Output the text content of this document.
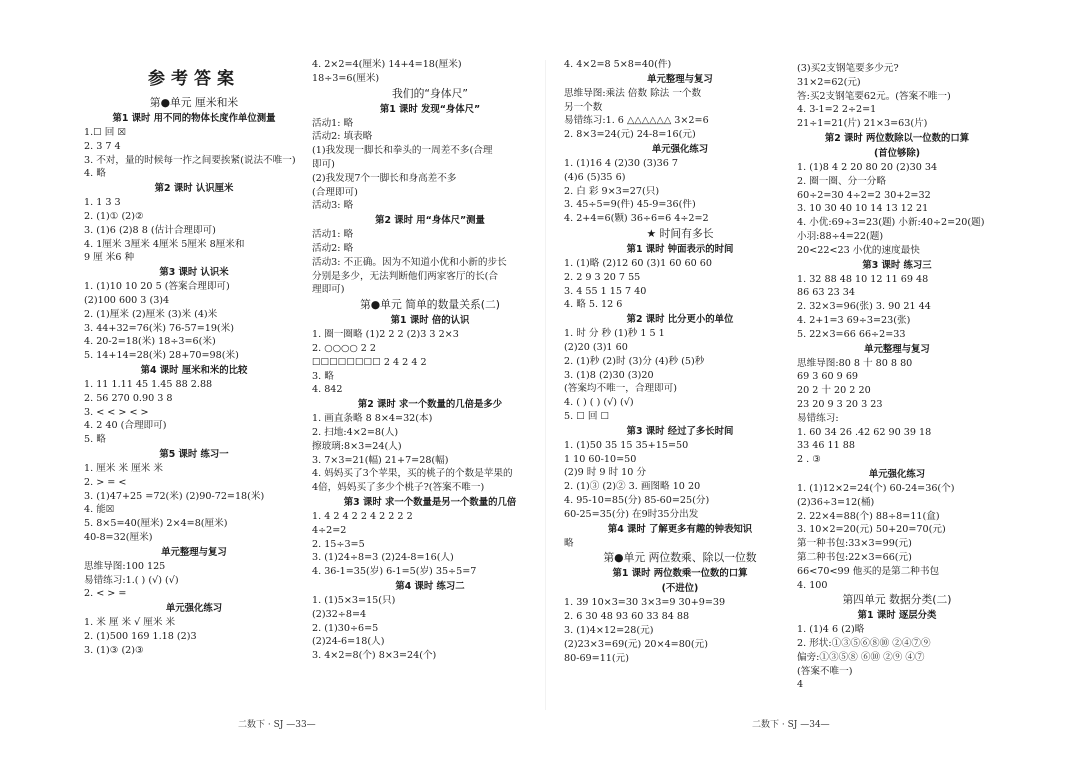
参考答案
第●单元 厘米和米
第1 课时 用不同的物体长度作单位测量
1.☐ 回 ☒
2. 3 7 4
3. 不对，量的时候每一拃之间要挨紧(说法不唯一)
4. 略
第2 课时 认识厘米
1. 1 3 3
2. (1)① (2)②
3. (1)6 (2)8 8 (估计合理即可)
4. 1厘米 3厘米 4厘米 5厘米 8厘米和
9 厘 米6 种
第3 课时 认识米
1. (1)10 10 20 5 (答案合理即可)
(2)100 600 3 (3)4
2. (1)厘米 (2)厘米 (3)米 (4)米
3. 44+32=76(米) 76-57=19(米)
4. 20-2=18(米) 18÷3=6(米)
5. 14+14=28(米) 28+70=98(米)
第4 课时 厘米和米的比较
1. 11 1.11 45 1.45 88 2.88
2. 56 270 0.90 3 8
3. < < > < >
4. 2 40 (合理即可)
5. 略
第5 课时 练习一
1. 厘米 米 厘米 米
2. > = <
3. (1)47+25 =72(米) (2)90-72=18(米)
4. 能☒
5. 8×5=40(厘米) 2×4=8(厘米)
40-8=32(厘米)
单元整理与复习
思维导图:100 125
易错练习:1.( ) (√) (√)
2. < > =
单元强化练习
1. 米 厘 米 √ 厘米 米
2. (1)500 169 1.18 (2)3
3. (1)③ (2)③
4. 2×2=4(厘米) 14+4=18(厘米)
18÷3=6(厘米)
我们的“身体尺”
第1 课时 发现“身体尺”
活动1: 略
活动2: 填表略
(1)我发现一脚长和拳头的一周差不多(合理
即可)
(2)我发现7个一脚长和身高差不多
(合理即可)
活动3: 略
第2 课时 用“身体尺”测量
活动1: 略
活动2: 略
活动3: 不正确。因为不知道小优和小新的步长
分别是多少，无法判断他们两家客厅的长(合
理即可)
第●单元 简单的数量关系(二)
第1 课时 倍的认识
1. 圈一圈略 (1)2 2 2 (2)3 3 2×3
2. ○○○○ 2 2
☐☐☐☐☐☐☐☐ 2 4 2 4 2
3. 略
4. 842
第2 课时 求一个数量的几倍是多少
1. 画直条略 8 8×4=32(本)
2. 扫地:4×2=8(人)
擦玻璃:8×3=24(人)
3. 7×3=21(幅) 21+7=28(幅)
4. 妈妈买了3个苹果，买的桃子的个数是苹果的
4倍，妈妈买了多少个桃子?(答案不唯一)
第3 课时 求一个数量是另一个数量的几倍
1. 4 2 4 2 2 4 2 2 2 2
4÷2=2
2. 15÷3=5
3. (1)24÷8=3 (2)24-8=16(人)
4. 36-1=35(岁) 6-1=5(岁) 35÷5=7
第4 课时 练习二
1. (1)5×3=15(只)
(2)32÷8=4
2. (1)30÷6=5
(2)24-6=18(人)
3. 4×2=8(个) 8×3=24(个)
4. 4×2=8 5×8=40(件)
单元整理与复习
思维导图:乘法 倍数 除法 一个数
另一个数
易错练习:1. 6 △△△△△△ 3×2=6
2. 8×3=24(元) 24-8=16(元)
单元强化练习
1. (1)16 4 (2)30 (3)36 7
(4)6 (5)35 6)
2. 白 彩 9×3=27(只)
3. 45÷5=9(件) 45-9=36(件)
4. 2+4=6(颗) 36÷6=6 4÷2=2
★ 时间有多长
第1 课时 钟面表示的时间
1. (1)略 (2)12 60 (3)1 60 60 60
2. 2 9 3 20 7 55
3. 4 55 1 15 7 40
4. 略 5. 12 6
第2 课时 比分更小的单位
1. 时 分 秒 (1)秒 1 5 1
(2)20 (3)1 60
2. (1)秒 (2)时 (3)分 (4)秒 (5)秒
3. (1)8 (2)30 (3)20
(答案均不唯一，合理即可)
4. ( ) ( ) (√) (√)
5. ☐ 回 ☐
第3 课时 经过了多长时间
1. (1)50 35 15 35+15=50
1 10 60-10=50
(2)9 时 9 时 10 分
2. (1)③ (2)② 3. 画图略 10 20
4. 95-10=85(分) 85-60=25(分)
60-25=35(分) 在9时35分出发
第4 课时 了解更多有趣的钟表知识
略
第●单元 两位数乘、除以一位数
第1 课时 两位数乘一位数的口算
(不进位)
1. 39 10×3=30 3×3=9 30+9=39
2. 6 30 48 93 60 33 84 88
3. (1)4×12=28(元)
(2)23×3=69(元) 20×4=80(元)
80-69=11(元)
(3)买2支钢笔要多少元?
31×2=62(元)
答:买2支钢笔要62元。(答案不唯一)
4. 3-1=2 2÷2=1
21÷1=21(片) 21×3=63(片)
第2 课时 两位数除以一位数的口算
(首位够除)
1. (1)8 4 2 20 80 20 (2)30 34
2. 圈一圈、分一分略
60÷2=30 4÷2=2 30+2=32
3. 10 30 40 10 14 13 12 21
4. 小优:69÷3=23(题) 小新:40÷2=20(题)
小羽:88÷4=22(题)
20<22<23 小优的速度最快
第3 课时 练习三
1. 32 88 48 10 12 11 69 48
86 63 23 34
2. 32×3=96(张) 3. 90 21 44
4. 2+1=3 69÷3=23(张)
5. 22×3=66 66÷2=33
单元整理与复习
思维导图:80 8 十 80 8 80
69 3 60 9 69
20 2 十 20 2 20
23 20 9 3 20 3 23
易错练习:
1. 60 34 26 .42 62 90 39 18
33 46 11 88
2 . ③
单元强化练习
1. (1)12×2=24(个) 60-24=36(个)
(2)36÷3=12(桶)
2. 22×4=88(个) 88÷8=11(盒)
3. 10×2=20(元) 50+20=70(元)
第一种书包:33×3=99(元)
第二种书包:22×3=66(元)
66<70<99 他买的是第二种书包
4. 100
第四单元 数据分类(二)
第1 课时 逐层分类
1. (1)4 6 (2)略
2. 形状:①③⑤⑥⑧⑩ ②④⑦⑨
偏旁:①③⑤⑧ ⑥⑩ ②⑨ ④⑦
(答案不唯一)
4
二数下 · SJ —33—	二数下 · SJ —34—
